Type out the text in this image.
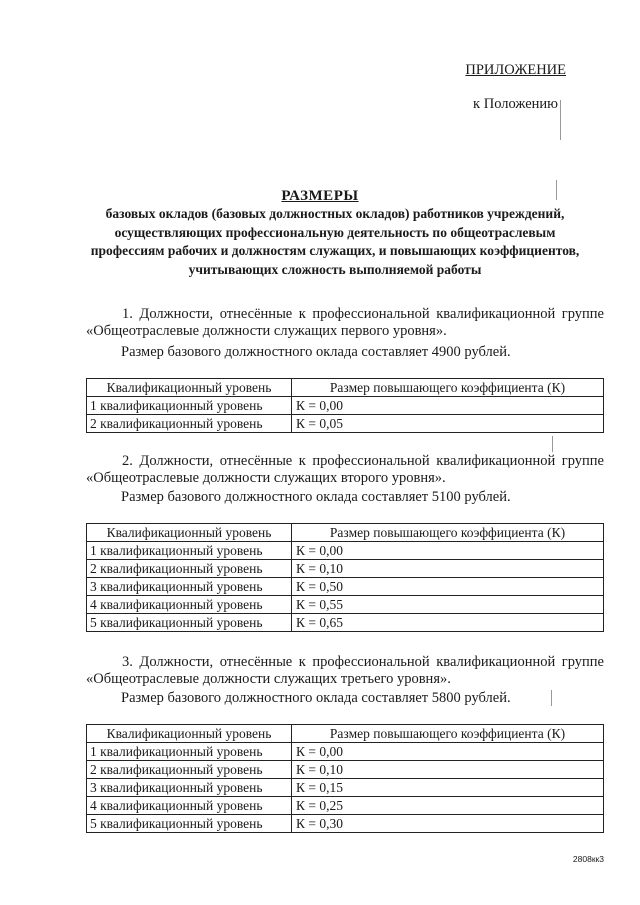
ПРИЛОЖЕНИЕ
к Положению
РАЗМЕРЫ
базовых окладов (базовых должностных окладов) работников учреждений, осуществляющих профессиональную деятельность по общеотраслевым профессиям рабочих и должностям служащих, и повышающих коэффициентов, учитывающих сложность выполняемой работы
1. Должности, отнесённые к профессиональной квалификационной группе «Общеотраслевые должности служащих первого уровня».
Размер базового должностного оклада составляет 4900 рублей.
Квалификационный уровень	Размер повышающего коэффициента (К)
1 квалификационный уровень	К = 0,00
2 квалификационный уровень	К = 0,05
2. Должности, отнесённые к профессиональной квалификационной группе «Общеотраслевые должности служащих второго уровня».
Размер базового должностного оклада составляет 5100 рублей.
Квалификационный уровень	Размер повышающего коэффициента (К)
1 квалификационный уровень	К = 0,00
2 квалификационный уровень	К = 0,10
3 квалификационный уровень	К = 0,50
4 квалификационный уровень	К = 0,55
5 квалификационный уровень	К = 0,65
3. Должности, отнесённые к профессиональной квалификационной группе «Общеотраслевые должности служащих третьего уровня».
Размер базового должностного оклада составляет 5800 рублей.
Квалификационный уровень	Размер повышающего коэффициента (К)
1 квалификационный уровень	К = 0,00
2 квалификационный уровень	К = 0,10
3 квалификационный уровень	К = 0,15
4 квалификационный уровень	К = 0,25
5 квалификационный уровень	К = 0,30
2808кк3
